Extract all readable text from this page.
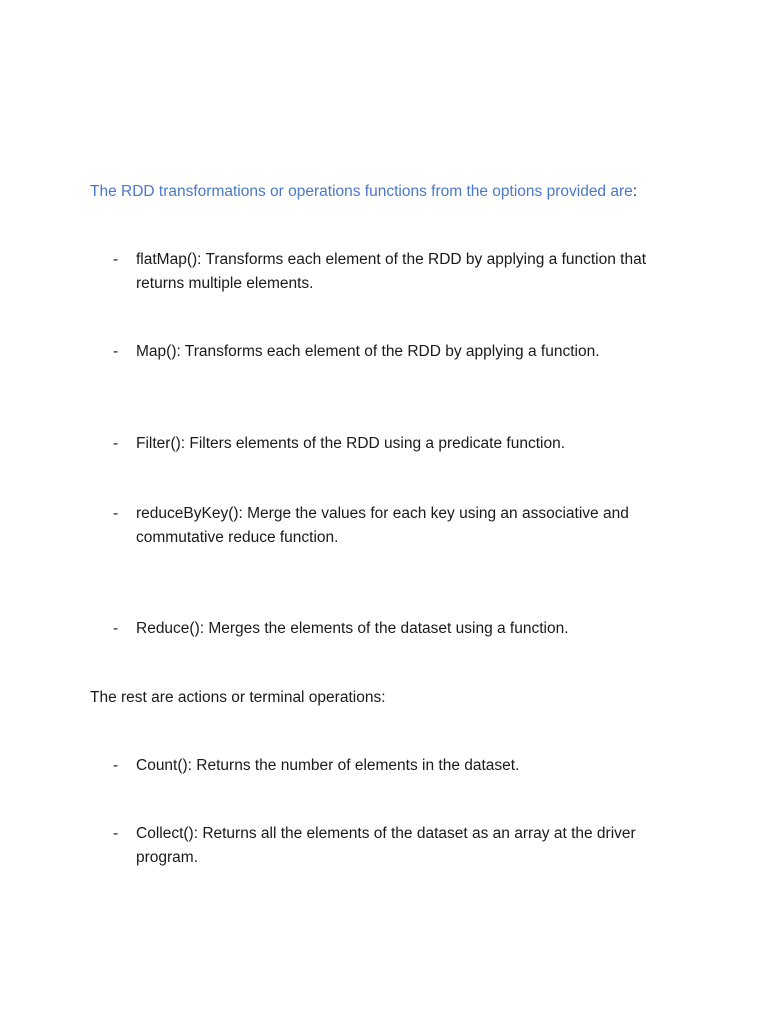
The RDD transformations or operations functions from the options provided are:
-	flatMap(): Transforms each element of the RDD by applying a function that returns multiple elements.
-	Map(): Transforms each element of the RDD by applying a function.
-	Filter(): Filters elements of the RDD using a predicate function.
-	reduceByKey(): Merge the values for each key using an associative and commutative reduce function.
-	Reduce(): Merges the elements of the dataset using a function.
The rest are actions or terminal operations:
-	Count(): Returns the number of elements in the dataset.
-	Collect(): Returns all the elements of the dataset as an array at the driver program.
